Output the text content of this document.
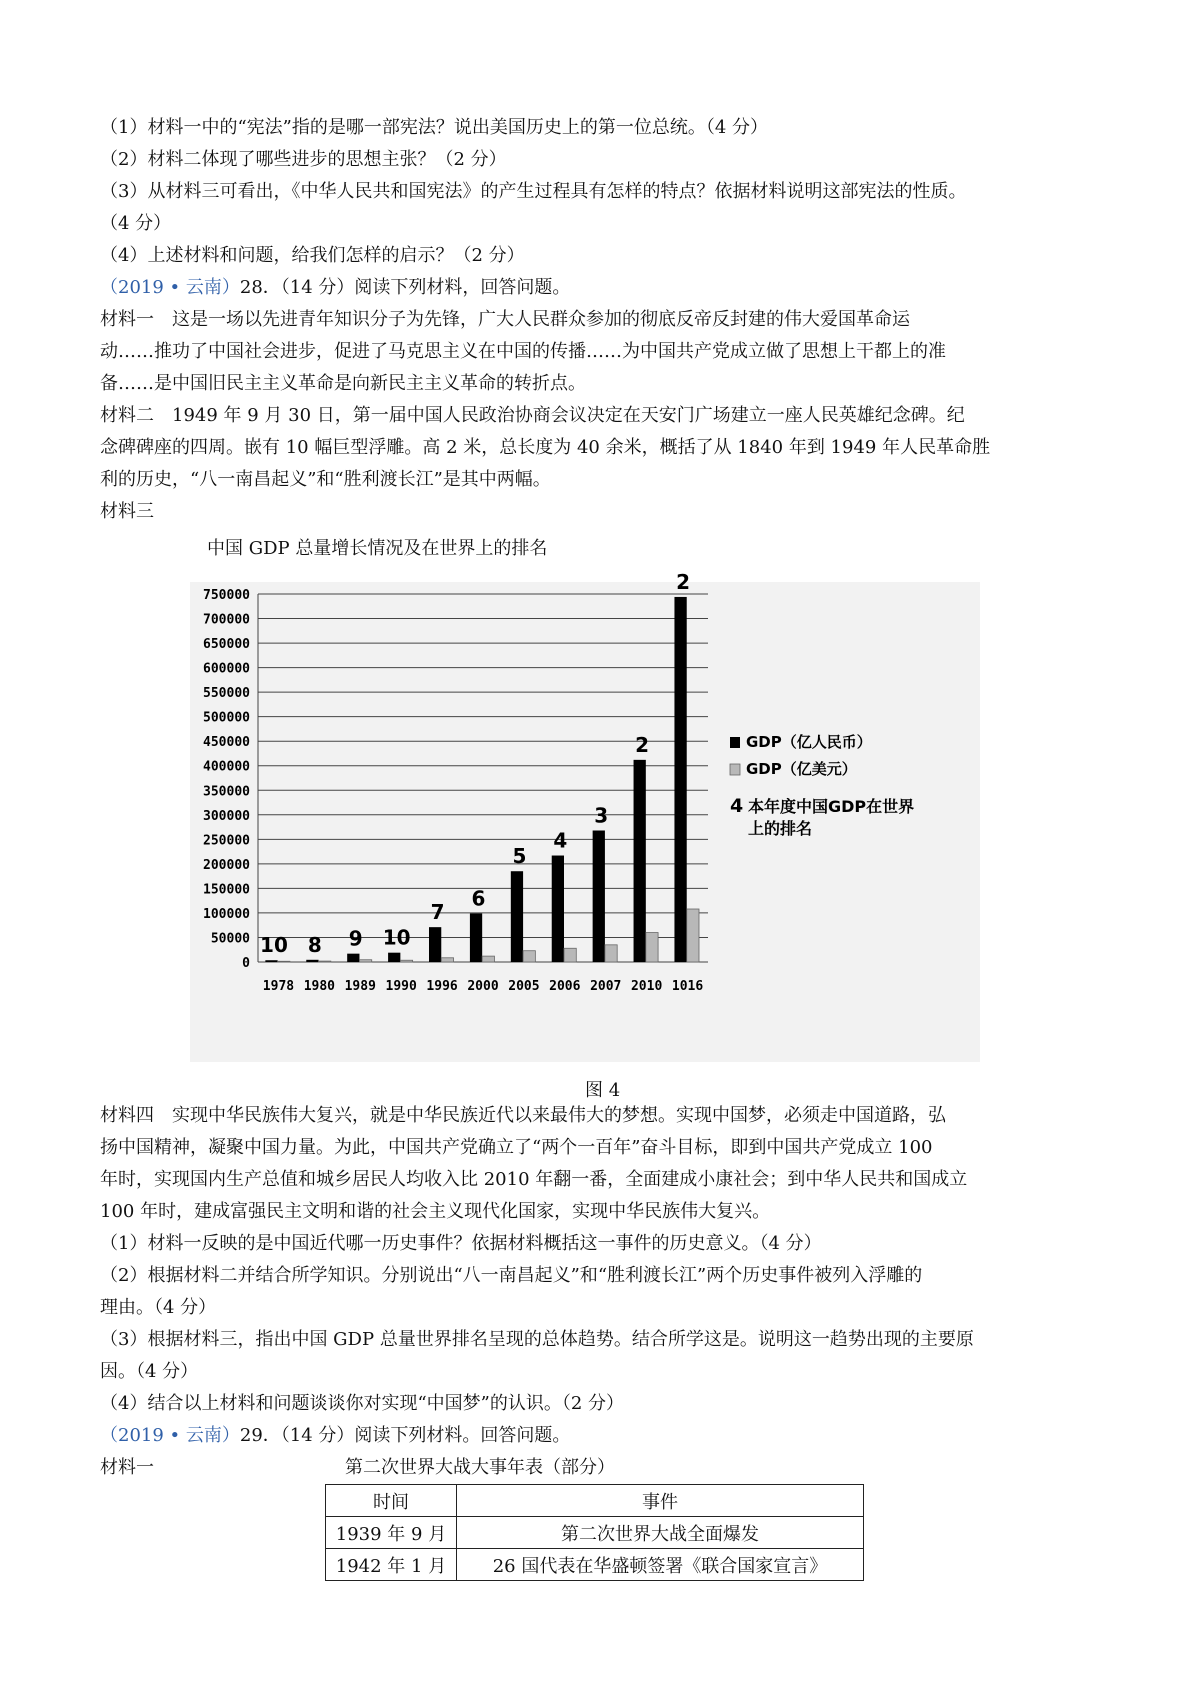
（1）材料一中的“宪法”指的是哪一部宪法？说出美国历史上的第一位总统。（4 分）
（2）材料二体现了哪些进步的思想主张？（2 分）
（3）从材料三可看出，《中华人民共和国宪法》的产生过程具有怎样的特点？依据材料说明这部宪法的性质。
（4 分）
（4）上述材料和问题，给我们怎样的启示？（2 分）
（2019 • 云南）28．（14 分）阅读下列材料，回答问题。
材料一　这是一场以先进青年知识分子为先锋，广大人民群众参加的彻底反帝反封建的伟大爱国革命运
动……推功了中国社会进步，促进了马克思主义在中国的传播……为中国共产党成立做了思想上干都上的准
备……是中国旧民主主义革命是向新民主主义革命的转折点。
材料二　1949 年 9 月 30 日，第一届中国人民政治协商会议决定在天安门广场建立一座人民英雄纪念碑。纪
念碑碑座的四周。嵌有 10 幅巨型浮雕。高 2 米，总长度为 40 余米，概括了从 1840 年到 1949 年人民革命胜
利的历史，“八一南昌起义”和“胜利渡长江”是其中两幅。
材料三
中国 GDP 总量增长情况及在世界上的排名
0
50000
100000
150000
200000
250000
300000
350000
400000
450000
500000
550000
600000
650000
700000
750000
1978
10
1980
8
1989
9
1990
10
1996
7
2000
6
2005
5
2006
4
2007
3
2010
2
1016
2
GDP（亿人民币）
GDP（亿美元）
4 本年度中国GDP在世界上的排名
图 4
材料四　实现中华民族伟大复兴，就是中华民族近代以来最伟大的梦想。实现中国梦，必须走中国道路，弘
扬中国精神，凝聚中国力量。为此，中国共产党确立了“两个一百年”奋斗目标，即到中国共产党成立 100
年时，实现国内生产总值和城乡居民人均收入比 2010 年翻一番，全面建成小康社会；到中华人民共和国成立
100 年时，建成富强民主文明和谐的社会主义现代化国家，实现中华民族伟大复兴。
（1）材料一反映的是中国近代哪一历史事件？依据材料概括这一事件的历史意义。（4 分）
（2）根据材料二并结合所学知识。分别说出“八一南昌起义”和“胜利渡长江”两个历史事件被列入浮雕的
理由。（4 分）
（3）根据材料三，指出中国 GDP 总量世界排名呈现的总体趋势。结合所学这是。说明这一趋势出现的主要原
因。（4 分）
（4）结合以上材料和问题谈谈你对实现“中国梦”的认识。（2 分）
（2019 • 云南）29．（14 分）阅读下列材料。回答问题。
材料一	第二次世界大战大事年表（部分）
时间	事件
1939 年 9 月	第二次世界大战全面爆发
1942 年 1 月	26 国代表在华盛顿签署《联合国家宣言》
